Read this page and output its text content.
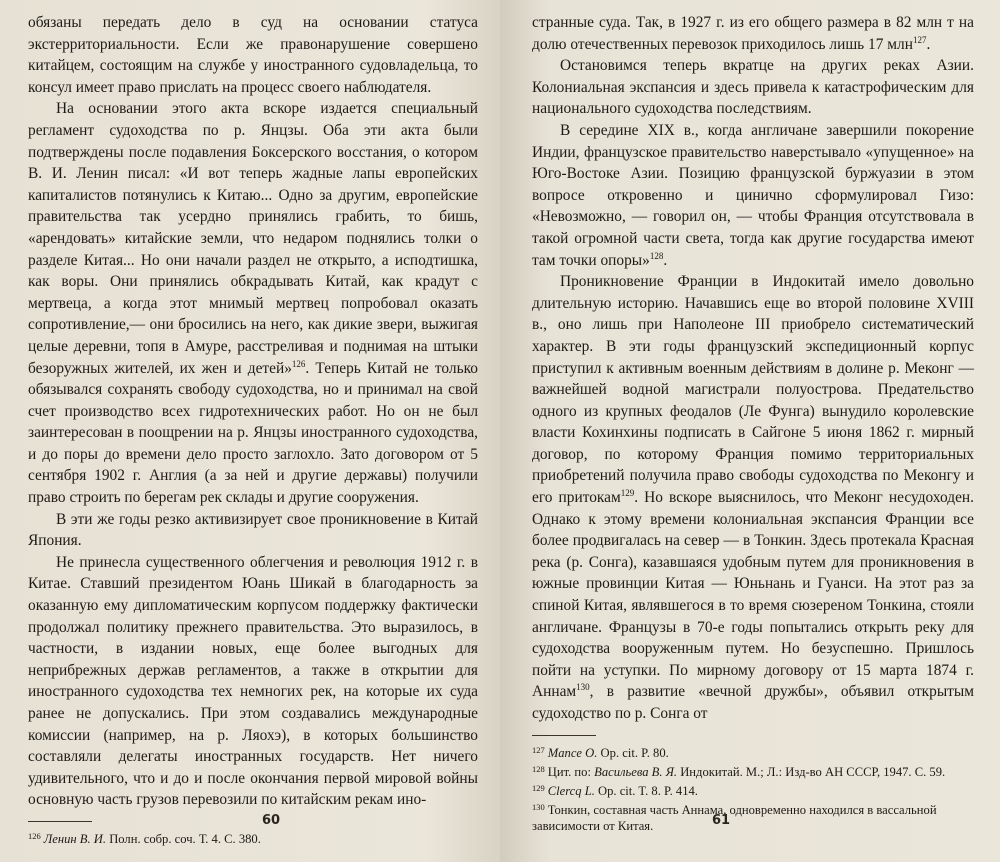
обязаны передать дело в суд на основании статуса экстерриториальности. Если же правонарушение совершено китайцем, состоящим на службе у иностранного судовладельца, то консул имеет право прислать на процесс своего наблюдателя.

На основании этого акта вскоре издается специальный регламент судоходства по р. Янцзы. Оба эти акта были подтверждены после подавления Боксерского восстания, о котором В. И. Ленин писал: «И вот теперь жадные лапы европейских капиталистов потянулись к Китаю... Одно за другим, европейские правительства так усердно принялись грабить, то бишь, «арендовать» китайские земли, что недаром поднялись толки о разделе Китая... Но они начали раздел не открыто, а исподтишка, как воры. Они принялись обкрадывать Китай, как крадут с мертвеца, а когда этот мнимый мертвец попробовал оказать сопротивление,— они бросились на него, как дикие звери, выжигая целые деревни, топя в Амуре, расстреливая и поднимая на штыки безоружных жителей, их жен и детей»$^{126}$. Теперь Китай не только обязывался сохранять свободу судоходства, но и принимал на свой счет производство всех гидротехнических работ. Но он не был заинтересован в поощрении на р. Янцзы иностранного судоходства, и до поры до времени дело просто заглохло. Зато договором от 5 сентября 1902 г. Англия (а за ней и другие державы) получили право строить по берегам рек склады и другие сооружения.

В эти же годы резко активизирует свое проникновение в Китай Япония.

Не принесла существенного облегчения и революция 1912 г. в Китае. Ставший президентом Юань Шикай в благодарность за оказанную ему дипломатическим корпусом поддержку фактически продолжал политику прежнего правительства. Это выразилось, в частности, в издании новых, еще более выгодных для неприбрежных держав регламентов, а также в открытии для иностранного судоходства тех немногих рек, на которые их суда ранее не допускались. При этом создавались международные комиссии (например, на р. Ляохэ), в которых большинство составляли делегаты иностранных государств. Нет ничего удивительного, что и до и после окончания первой мировой войны основную часть грузов перевозили по китайским рекам ино-

$^{126}$ Ленин В. И. Полн. собр. соч. Т. 4. С. 380.

60

странные суда. Так, в 1927 г. из его общего размера в 82 млн т на долю отечественных перевозок приходилось лишь 17 млн$^{127}$.

Остановимся теперь вкратце на других реках Азии. Колониальная экспансия и здесь привела к катастрофическим для национального судоходства последствиям.

В середине XIX в., когда англичане завершили покорение Индии, французское правительство наверстывало «упущенное» на Юго-Востоке Азии. Позицию французской буржуазии в этом вопросе откровенно и цинично сформулировал Гизо: «Невозможно, — говорил он, — чтобы Франция отсутствовала в такой огромной части света, тогда как другие государства имеют там точки опоры»$^{128}$.

Проникновение Франции в Индокитай имело довольно длительную историю. Начавшись еще во второй половине XVIII в., оно лишь при Наполеоне III приобрело систематический характер. В эти годы французский экспедиционный корпус приступил к активным военным действиям в долине р. Меконг — важнейшей водной магистрали полуострова. Предательство одного из крупных феодалов (Ле Фунга) вынудило королевские власти Кохинхины подписать в Сайгоне 5 июня 1862 г. мирный договор, по которому Франция помимо территориальных приобретений получила право свободы судоходства по Меконгу и его притокам$^{129}$. Но вскоре выяснилось, что Меконг несудоходен. Однако к этому времени колониальная экспансия Франции все более продвигалась на север — в Тонкин. Здесь протекала Красная река (р. Сонга), казавшаяся удобным путем для проникновения в южные провинции Китая — Юньнань и Гуанси. На этот раз за спиной Китая, являвшегося в то время сюзереном Тонкина, стояли англичане. Французы в 70-е годы попытались открыть реку для судоходства вооруженным путем. Но безуспешно. Пришлось пойти на уступки. По мирному договору от 15 марта 1874 г. Аннам$^{130}$, в развитие «вечной дружбы», объявил открытым судоходство по р. Сонга от

$^{127}$ Mance O. Op. cit. P. 80.

$^{128}$ Цит. по: Васильева В. Я. Индокитай. М.; Л.: Изд-во АН СССР, 1947. С. 59.

$^{129}$ Clercq L. Op. cit. T. 8. P. 414.

$^{130}$ Тонкин, составная часть Аннама, одновременно находился в вассальной зависимости от Китая.	61
